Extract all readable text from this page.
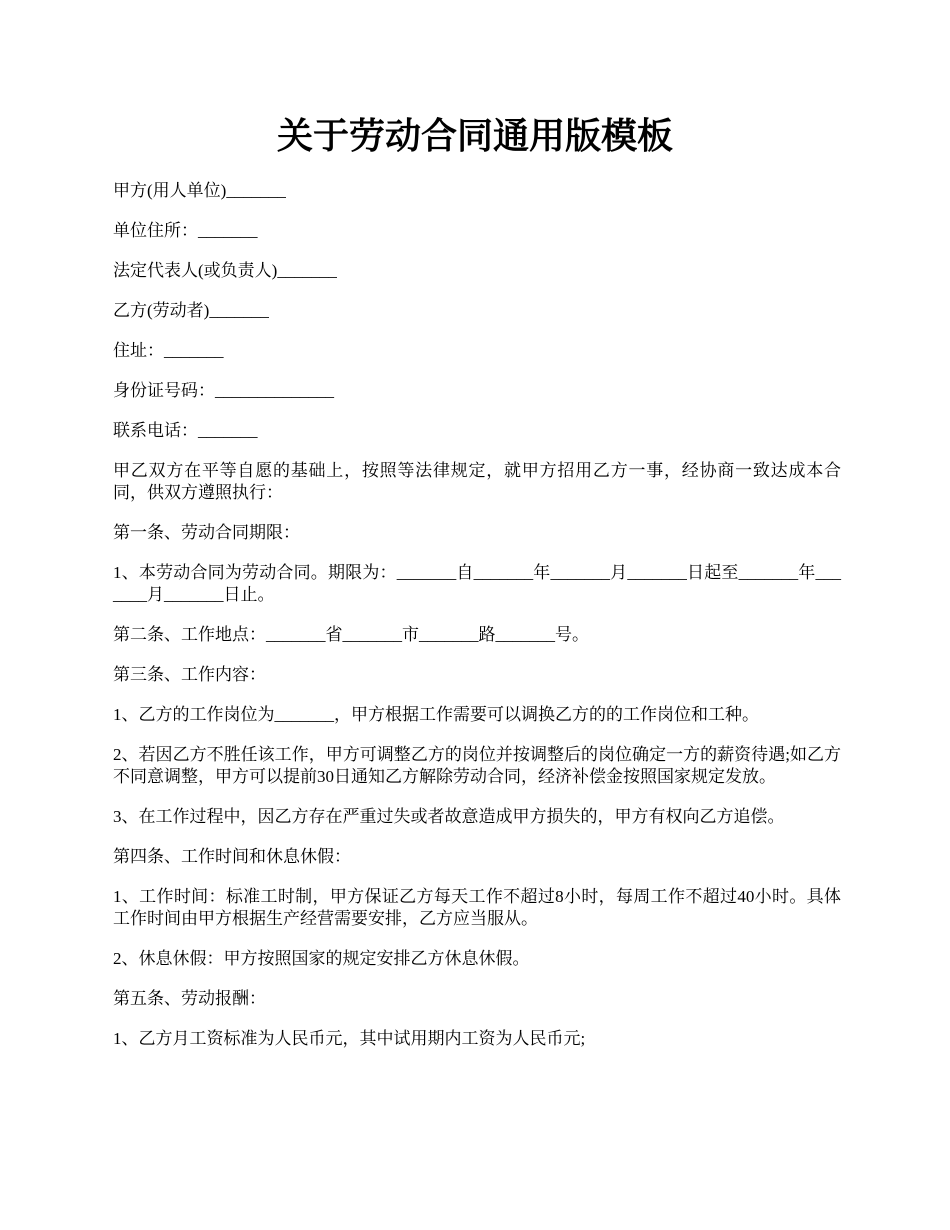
关于劳动合同通用版模板

甲方(用人单位)_______

单位住所：_______

法定代表人(或负责人)_______

乙方(劳动者)_______

住址：_______

身份证号码：______________

联系电话：_______

甲乙双方在平等自愿的基础上，按照等法律规定，就甲方招用乙方一事，经协商一致达成本合同，供双方遵照执行：

第一条、劳动合同期限：

1、本劳动合同为劳动合同。期限为：_______自_______年_______月_______日起至_______年_______月_______日止。

第二条、工作地点：_______省_______市_______路_______号。

第三条、工作内容：

1、乙方的工作岗位为_______，甲方根据工作需要可以调换乙方的的工作岗位和工种。

2、若因乙方不胜任该工作，甲方可调整乙方的岗位并按调整后的岗位确定一方的薪资待遇;如乙方不同意调整，甲方可以提前30日通知乙方解除劳动合同，经济补偿金按照国家规定发放。

3、在工作过程中，因乙方存在严重过失或者故意造成甲方损失的，甲方有权向乙方追偿。

第四条、工作时间和休息休假：

1、工作时间：标准工时制，甲方保证乙方每天工作不超过8小时，每周工作不超过40小时。具体工作时间由甲方根据生产经营需要安排，乙方应当服从。

2、休息休假：甲方按照国家的规定安排乙方休息休假。

第五条、劳动报酬：

1、乙方月工资标准为人民币元，其中试用期内工资为人民币元;
